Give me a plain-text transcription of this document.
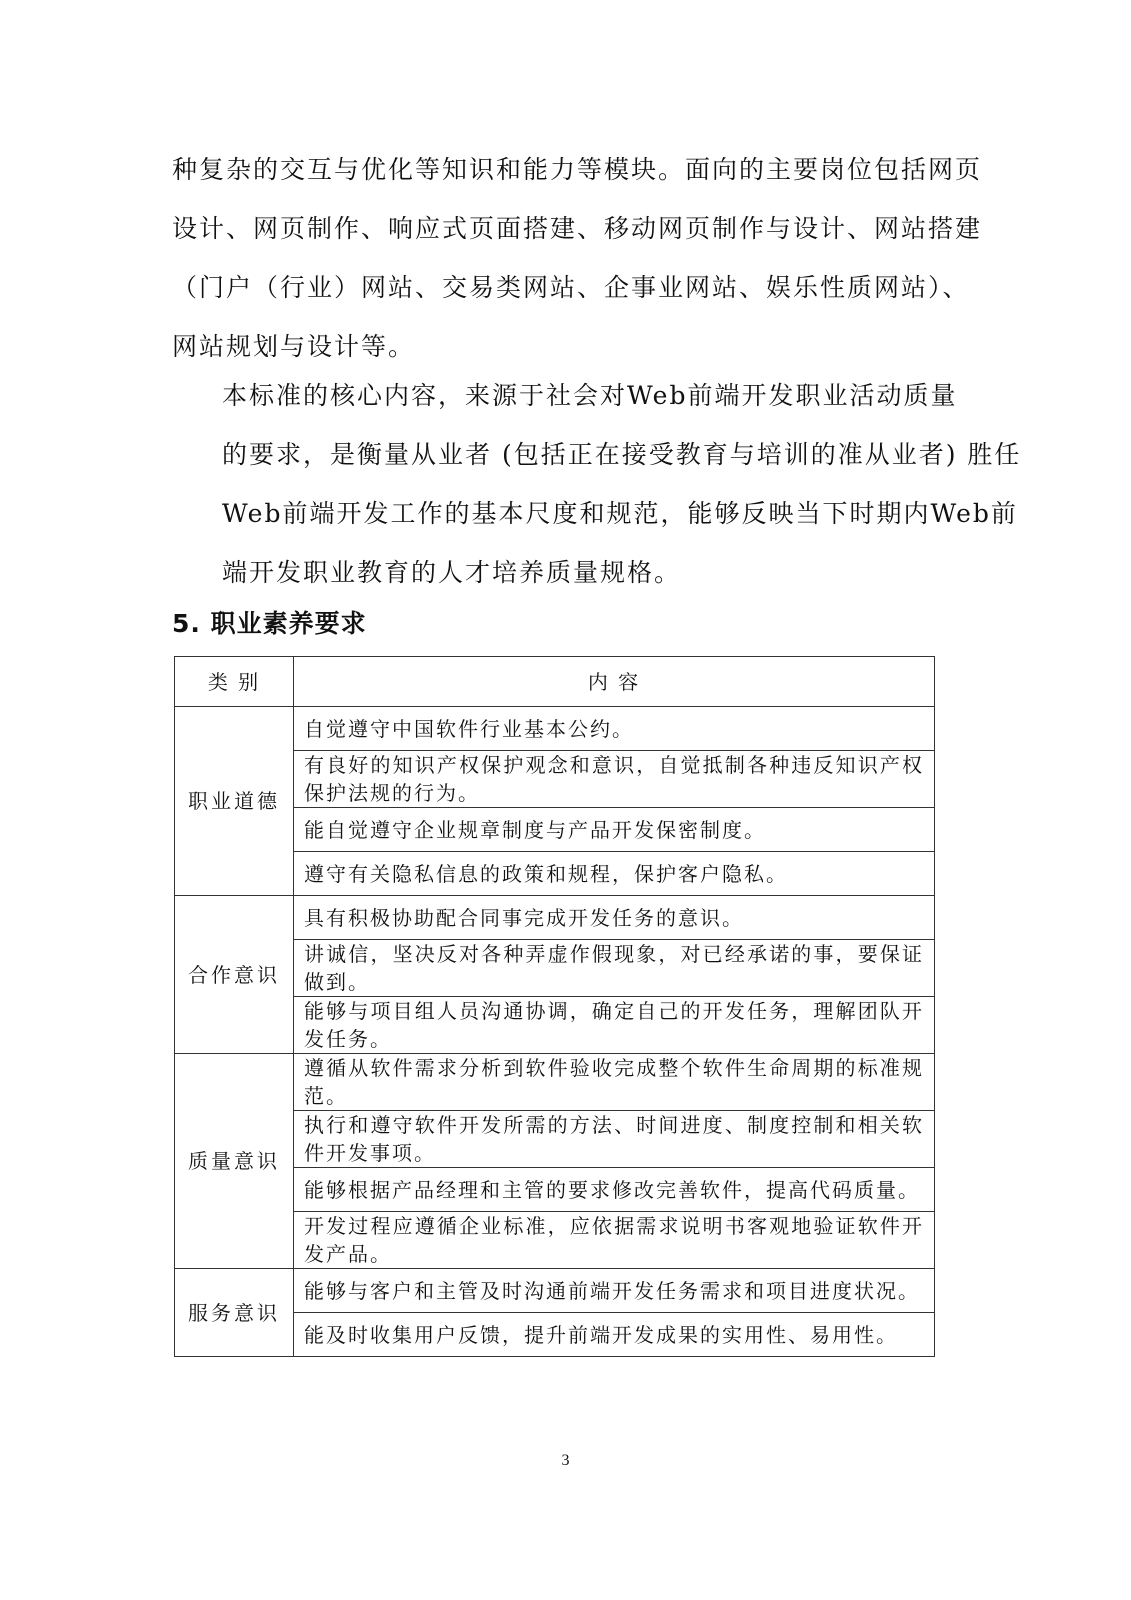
种复杂的交互与优化等知识和能力等模块。面向的主要岗位包括网页
设计、网页制作、响应式页面搭建、移动网页制作与设计、网站搭建
（门户（行业）网站、交易类网站、企事业网站、娱乐性质网站）、
网站规划与设计等。

本标准的核心内容，来源于社会对Web前端开发职业活动质量
的要求，是衡量从业者 (包括正在接受教育与培训的准从业者) 胜任
Web前端开发工作的基本尺度和规范，能够反映当下时期内Web前
端开发职业教育的人才培养质量规格。

5. 职业素养要求
类 别	内 容
职业道德	自觉遵守中国软件行业基本公约。
	有良好的知识产权保护观念和意识，自觉抵制各种违反知识产权保护法规的行为。
	能自觉遵守企业规章制度与产品开发保密制度。
	遵守有关隐私信息的政策和规程，保护客户隐私。
合作意识	具有积极协助配合同事完成开发任务的意识。
	讲诚信，坚决反对各种弄虚作假现象，对已经承诺的事，要保证做到。
	能够与项目组人员沟通协调，确定自己的开发任务，理解团队开发任务。
质量意识	遵循从软件需求分析到软件验收完成整个软件生命周期的标准规范。
	执行和遵守软件开发所需的方法、时间进度、制度控制和相关软件开发事项。
	能够根据产品经理和主管的要求修改完善软件，提高代码质量。
	开发过程应遵循企业标准，应依据需求说明书客观地验证软件开发产品。
服务意识	能够与客户和主管及时沟通前端开发任务需求和项目进度状况。
	能及时收集用户反馈，提升前端开发成果的实用性、易用性。
3
